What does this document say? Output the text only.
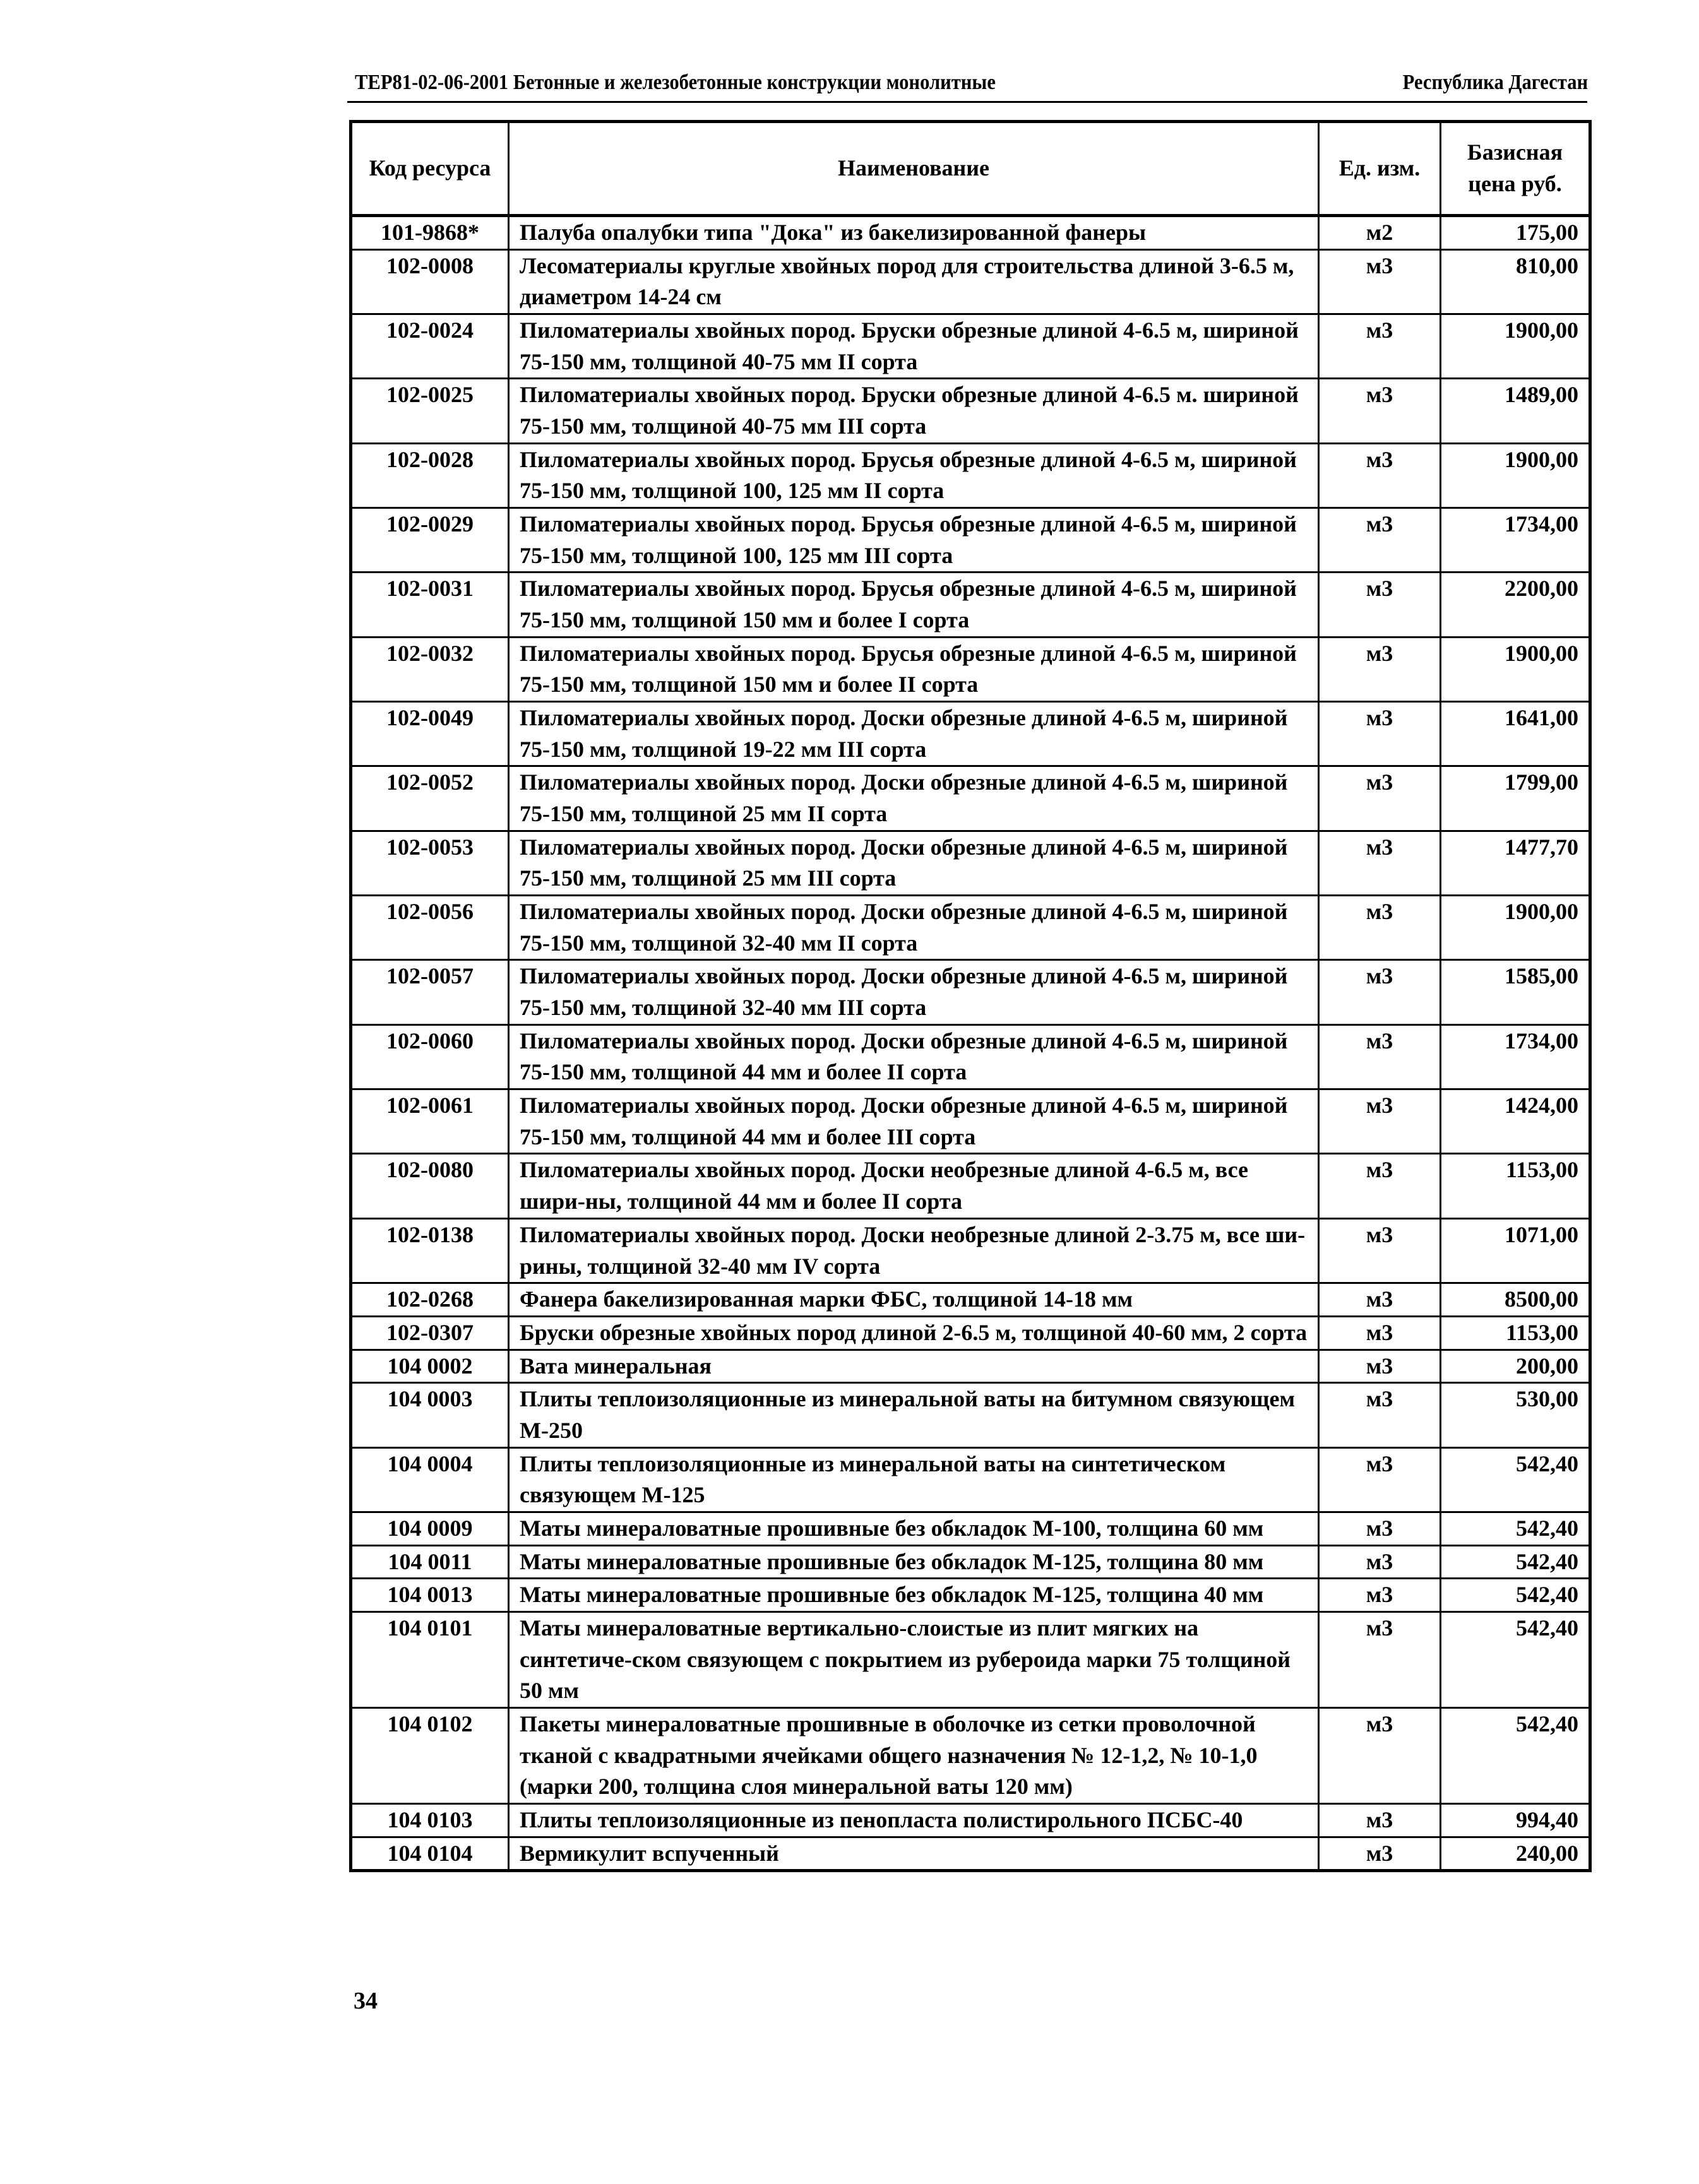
ТЕР81-02-06-2001 Бетонные и железобетонные конструкции монолитные	Республика Дагестан
Код ресурса	Наименование	Ед. изм.	Базисная цена руб.
101-9868*	Палуба опалубки типа "Дока" из бакелизированной фанеры	м2	175,00
102-0008	Лесоматериалы круглые хвойных пород для строительства длиной 3-6.5 м, диаметром 14-24 см	м3	810,00
102-0024	Пиломатериалы хвойных пород. Бруски обрезные длиной 4-6.5 м, шириной 75-150 мм, толщиной 40-75 мм II сорта	м3	1900,00
102-0025	Пиломатериалы хвойных пород. Бруски обрезные длиной 4-6.5 м. шириной 75-150 мм, толщиной 40-75 мм III сорта	м3	1489,00
102-0028	Пиломатериалы хвойных пород. Брусья обрезные длиной 4-6.5 м, шириной 75-150 мм, толщиной 100, 125 мм II сорта	м3	1900,00
102-0029	Пиломатериалы хвойных пород. Брусья обрезные длиной 4-6.5 м, шириной 75-150 мм, толщиной 100, 125 мм III сорта	м3	1734,00
102-0031	Пиломатериалы хвойных пород. Брусья обрезные длиной 4-6.5 м, шириной 75-150 мм, толщиной 150 мм и более I сорта	м3	2200,00
102-0032	Пиломатериалы хвойных пород. Брусья обрезные длиной 4-6.5 м, шириной 75-150 мм, толщиной 150 мм и более II сорта	м3	1900,00
102-0049	Пиломатериалы хвойных пород. Доски обрезные длиной 4-6.5 м, шириной 75-150 мм, толщиной 19-22 мм III сорта	м3	1641,00
102-0052	Пиломатериалы хвойных пород. Доски обрезные длиной 4-6.5 м, шириной 75-150 мм, толщиной 25 мм II сорта	м3	1799,00
102-0053	Пиломатериалы хвойных пород. Доски обрезные длиной 4-6.5 м, шириной 75-150 мм, толщиной 25 мм III сорта	м3	1477,70
102-0056	Пиломатериалы хвойных пород. Доски обрезные длиной 4-6.5 м, шириной 75-150 мм, толщиной 32-40 мм II сорта	м3	1900,00
102-0057	Пиломатериалы хвойных пород. Доски обрезные длиной 4-6.5 м, шириной 75-150 мм, толщиной 32-40 мм III сорта	м3	1585,00
102-0060	Пиломатериалы хвойных пород. Доски обрезные длиной 4-6.5 м, шириной 75-150 мм, толщиной 44 мм и более II сорта	м3	1734,00
102-0061	Пиломатериалы хвойных пород. Доски обрезные длиной 4-6.5 м, шириной 75-150 мм, толщиной 44 мм и более III сорта	м3	1424,00
102-0080	Пиломатериалы хвойных пород. Доски необрезные длиной 4-6.5 м, все шири-ны, толщиной 44 мм и более II сорта	м3	1153,00
102-0138	Пиломатериалы хвойных пород. Доски необрезные длиной 2-3.75 м, все ши-рины, толщиной 32-40 мм IV сорта	м3	1071,00
102-0268	Фанера бакелизированная марки ФБС, толщиной 14-18 мм	м3	8500,00
102-0307	Бруски обрезные хвойных пород длиной 2-6.5 м, толщиной 40-60 мм, 2 сорта	м3	1153,00
104 0002	Вата минеральная	м3	200,00
104 0003	Плиты теплоизоляционные из минеральной ваты на битумном связующем М-250	м3	530,00
104 0004	Плиты теплоизоляционные из минеральной ваты на синтетическом связующем М-125	м3	542,40
104 0009	Маты минераловатные прошивные без обкладок М-100, толщина 60 мм	м3	542,40
104 0011	Маты минераловатные прошивные без обкладок М-125, толщина 80 мм	м3	542,40
104 0013	Маты минераловатные прошивные без обкладок М-125, толщина 40 мм	м3	542,40
104 0101	Маты минераловатные вертикально-слоистые из плит мягких на синтетиче-ском связующем с покрытием из рубероида марки 75 толщиной 50 мм	м3	542,40
104 0102	Пакеты минераловатные прошивные в оболочке из сетки проволочной тканой с квадратными ячейками общего назначения № 12-1,2, № 10-1,0 (марки 200, толщина слоя минеральной ваты 120 мм)	м3	542,40
104 0103	Плиты теплоизоляционные из пенопласта полистирольного ПСБС-40	м3	994,40
104 0104	Вермикулит вспученный	м3	240,00
34
